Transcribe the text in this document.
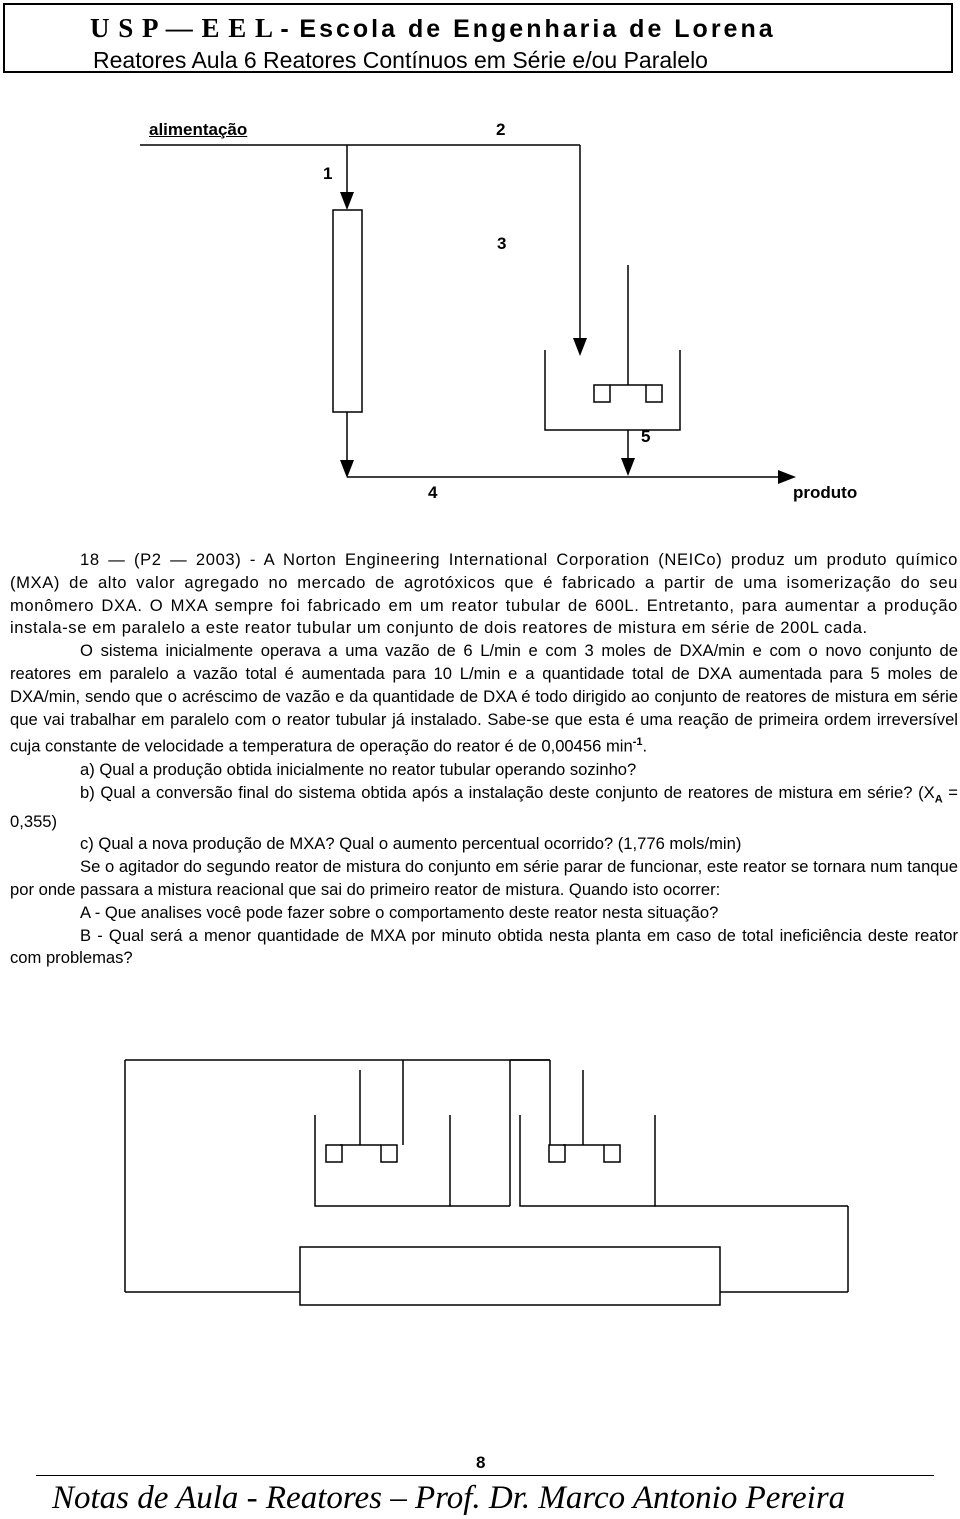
U S P — E E L - Escola de Engenharia de Lorena
Reatores Aula 6 Reatores Contínuos em Série e/ou Paralelo
alimentação	2
1
3
5
4	produto

18 — (P2 — 2003) - A Norton Engineering International Corporation (NEICo) produz um produto químico (MXA) de alto valor agregado no mercado de agrotóxicos que é fabricado a partir de uma isomerização do seu monômero DXA. O MXA sempre foi fabricado em um reator tubular de 600L. Entretanto, para aumentar a produção instala-se em paralelo a este reator tubular um conjunto de dois reatores de mistura em série de 200L cada.

O sistema inicialmente operava a uma vazão de 6 L/min e com 3 moles de DXA/min e com o novo conjunto de reatores em paralelo a vazão total é aumentada para 10 L/min e a quantidade total de DXA aumentada para 5 moles de DXA/min, sendo que o acréscimo de vazão e da quantidade de DXA é todo dirigido ao conjunto de reatores de mistura em série que vai trabalhar em paralelo com o reator tubular já instalado. Sabe-se que esta é uma reação de primeira ordem irreversível cuja constante de velocidade a temperatura de operação do reator é de 0,00456 $\min^{-1}$.

a) Qual a produção obtida inicialmente no reator tubular operando sozinho?

b) Qual a conversão final do sistema obtida após a instalação deste conjunto de reatores de mistura em série? $(X_A = 0,355)$

c) Qual a nova produção de MXA? Qual o aumento percentual ocorrido? (1,776 mols/min)

Se o agitador do segundo reator de mistura do conjunto em série parar de funcionar, este reator se tornara num tanque por onde passara a mistura reacional que sai do primeiro reator de mistura. Quando isto ocorrer:

A - Que analises você pode fazer sobre o comportamento deste reator nesta situação?

B - Qual será a menor quantidade de MXA por minuto obtida nesta planta em caso de total ineficiência deste reator com problemas?

8
Notas de Aula - Reatores – Prof. Dr. Marco Antonio Pereira
